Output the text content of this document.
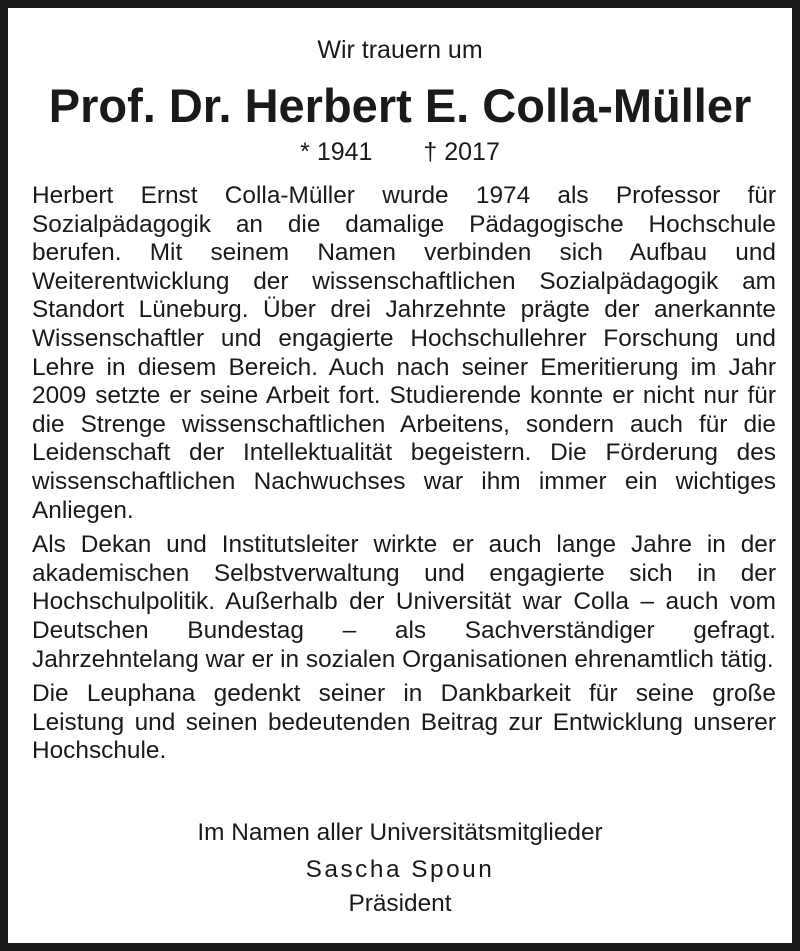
Wir trauern um
Prof. Dr. Herbert E. Colla-Müller
* 1941 † 2017

Herbert Ernst Colla-Müller wurde 1974 als Professor für Sozialpädagogik an die damalige Pädagogische Hochschule berufen. Mit seinem Namen verbinden sich Aufbau und Weiterentwicklung der wissenschaftlichen Sozialpädagogik am Standort Lüneburg. Über drei Jahrzehnte prägte der anerkannte Wissenschaftler und engagierte Hochschullehrer Forschung und Lehre in diesem Bereich. Auch nach seiner Emeritierung im Jahr 2009 setzte er seine Arbeit fort. Studierende konnte er nicht nur für die Strenge wissenschaftlichen Arbeitens, sondern auch für die Leidenschaft der Intellektualität begeistern. Die Förderung des wissenschaftlichen Nachwuchses war ihm immer ein wichtiges Anliegen.

Als Dekan und Institutsleiter wirkte er auch lange Jahre in der akademischen Selbstverwaltung und engagierte sich in der Hochschulpolitik. Außerhalb der Universität war Colla – auch vom Deutschen Bundestag – als Sachverständiger gefragt. Jahrzehntelang war er in sozialen Organisationen ehrenamtlich tätig.

Die Leuphana gedenkt seiner in Dankbarkeit für seine große Leistung und seinen bedeutenden Beitrag zur Entwicklung unserer Hochschule.

Im Namen aller Universitätsmitglieder
Sascha Spoun
Präsident
